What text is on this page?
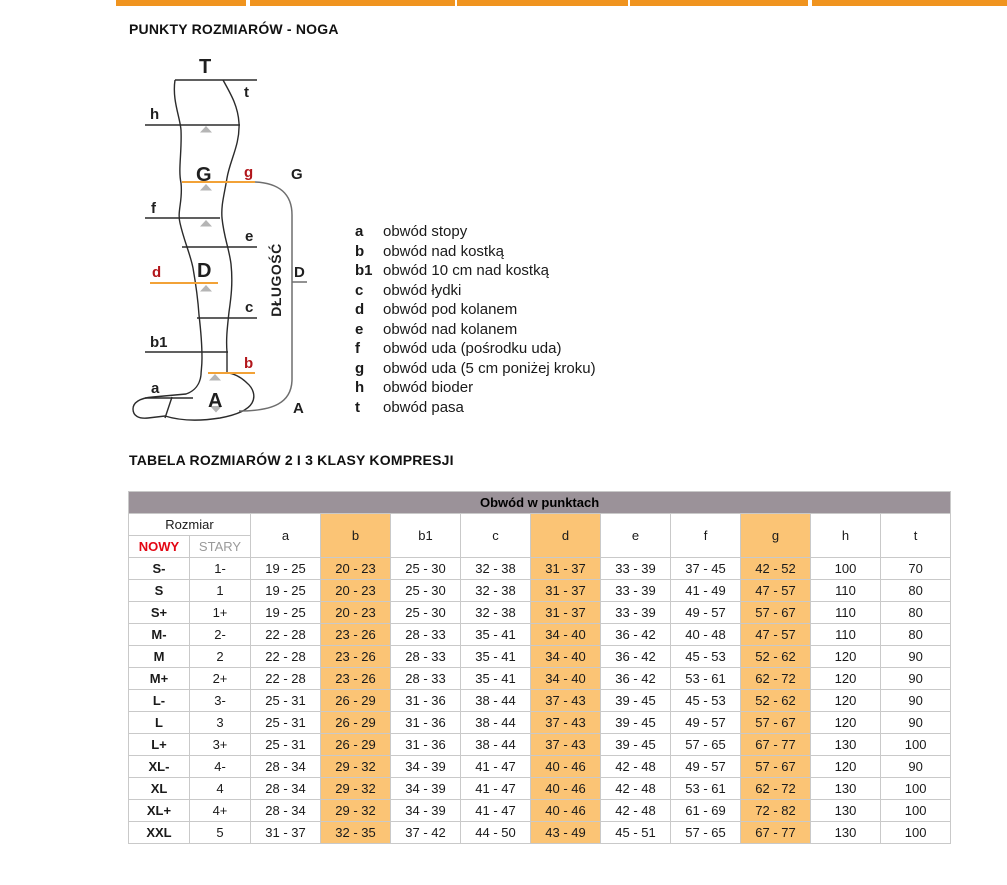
PUNKTY ROZMIARÓW - NOGA
T
t
h
G g	G
f
e
d D	D
c
b1
b
a
A	A
DŁUGOŚĆ
a	obwód stopy
b	obwód nad kostką
b1 obwód 10 cm nad kostką
c	obwód łydki
d	obwód pod kolanem
e	obwód nad kolanem
f	obwód uda (pośrodku uda)
g	obwód uda (5 cm poniżej kroku)
h	obwód bioder
t	obwód pasa
TABELA ROZMIARÓW 2 I 3 KLASY KOMPRESJI
Obwód w punktach											
Rozmiar		a	b	b1	c	d	e	f	g	h	t
NOWY	STARY										
S-	1-	19 - 25	20 - 23	25 - 30	32 - 38	31 - 37	33 - 39	37 - 45	42 - 52	100	70
S	1	19 - 25	20 - 23	25 - 30	32 - 38	31 - 37	33 - 39	41 - 49	47 - 57	110	80
S+	1+	19 - 25	20 - 23	25 - 30	32 - 38	31 - 37	33 - 39	49 - 57	57 - 67	110	80
M-	2-	22 - 28	23 - 26	28 - 33	35 - 41	34 - 40	36 - 42	40 - 48	47 - 57	110	80
M	2	22 - 28	23 - 26	28 - 33	35 - 41	34 - 40	36 - 42	45 - 53	52 - 62	120	90
M+	2+	22 - 28	23 - 26	28 - 33	35 - 41	34 - 40	36 - 42	53 - 61	62 - 72	120	90
L-	3-	25 - 31	26 - 29	31 - 36	38 - 44	37 - 43	39 - 45	45 - 53	52 - 62	120	90
L	3	25 - 31	26 - 29	31 - 36	38 - 44	37 - 43	39 - 45	49 - 57	57 - 67	120	90
L+	3+	25 - 31	26 - 29	31 - 36	38 - 44	37 - 43	39 - 45	57 - 65	67 - 77	130	100
XL-	4-	28 - 34	29 - 32	34 - 39	41 - 47	40 - 46	42 - 48	49 - 57	57 - 67	120	90
XL	4	28 - 34	29 - 32	34 - 39	41 - 47	40 - 46	42 - 48	53 - 61	62 - 72	130	100
XL+	4+	28 - 34	29 - 32	34 - 39	41 - 47	40 - 46	42 - 48	61 - 69	72 - 82	130	100
XXL	5	31 - 37	32 - 35	37 - 42	44 - 50	43 - 49	45 - 51	57 - 65	67 - 77	130	100
